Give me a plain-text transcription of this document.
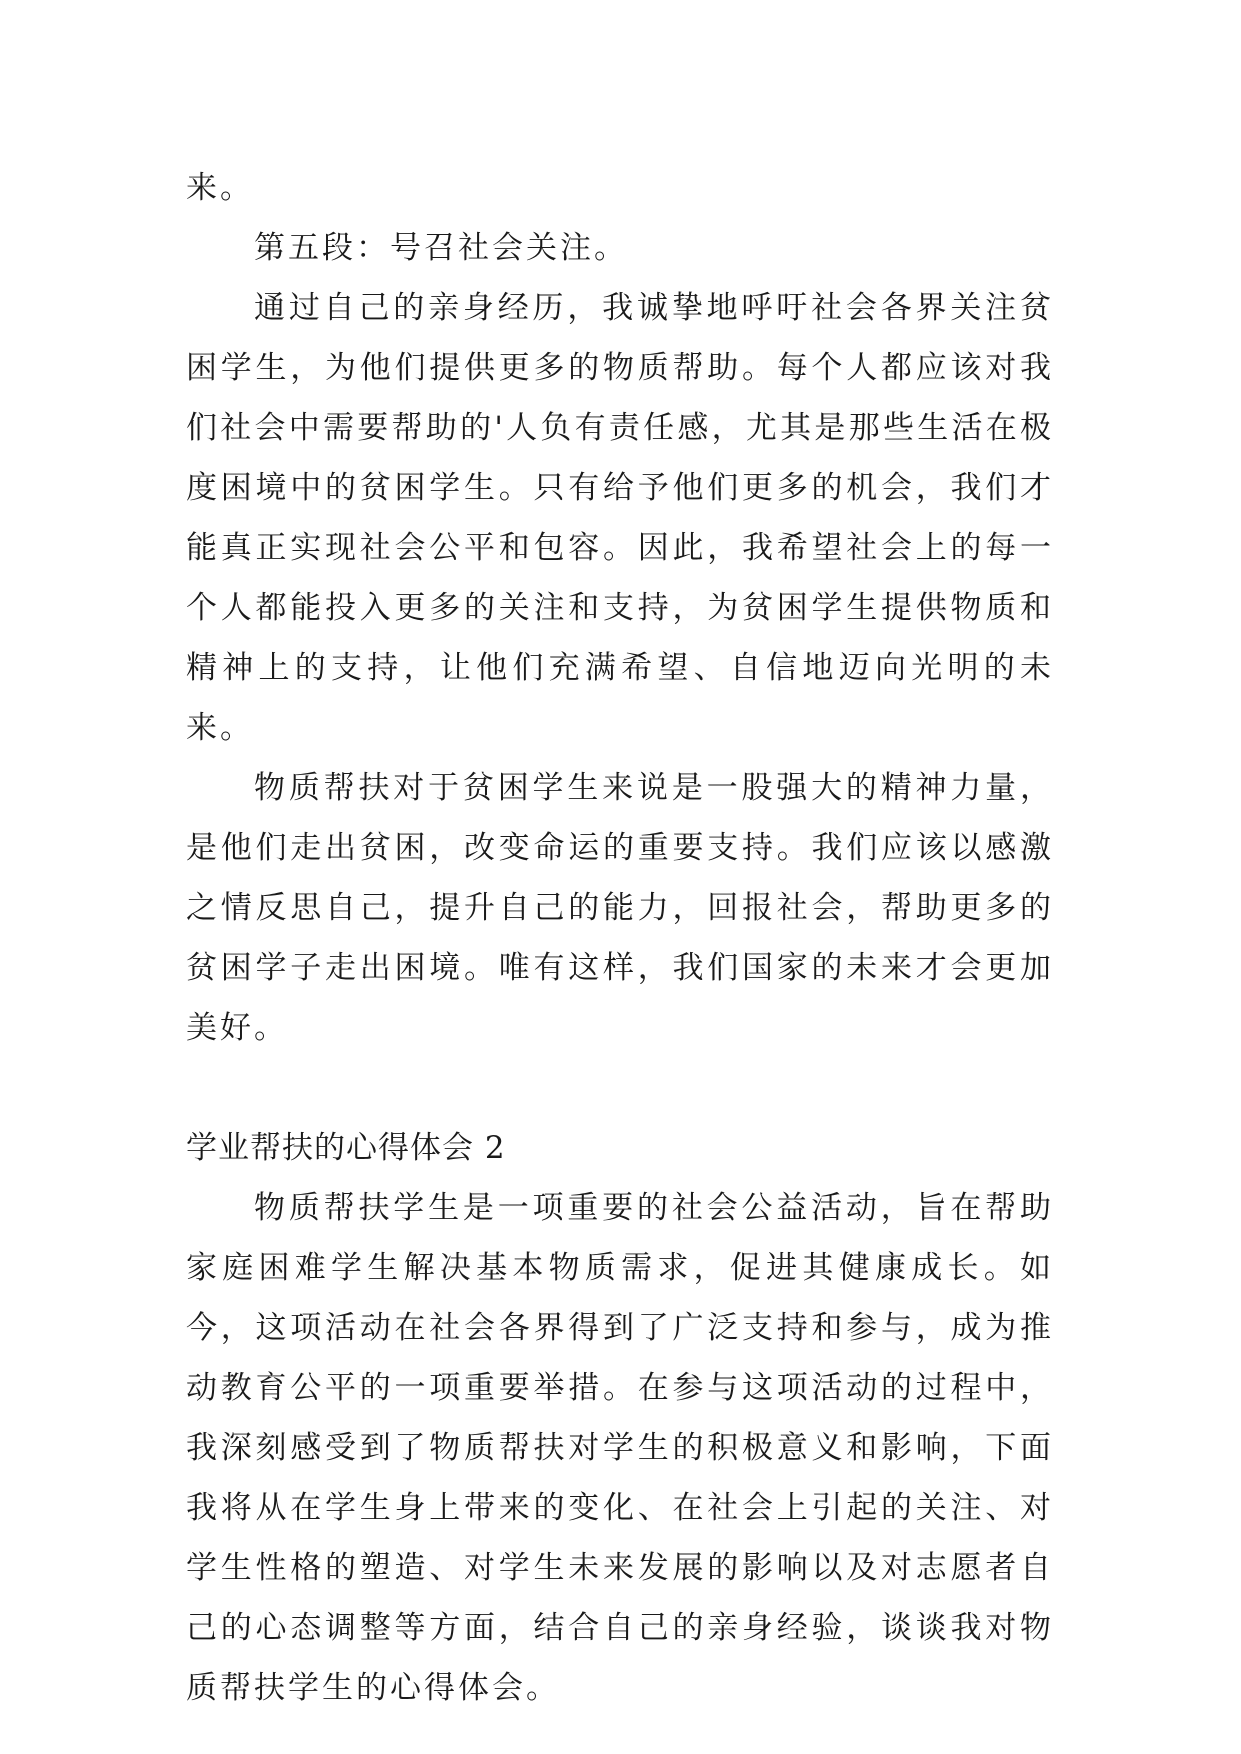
来。

第五段：号召社会关注。

通过自己的亲身经历，我诚挚地呼吁社会各界关注贫困学生，为他们提供更多的物质帮助。每个人都应该对我们社会中需要帮助的'人负有责任感，尤其是那些生活在极度困境中的贫困学生。只有给予他们更多的机会，我们才能真正实现社会公平和包容。因此，我希望社会上的每一个人都能投入更多的关注和支持，为贫困学生提供物质和精神上的支持，让他们充满希望、自信地迈向光明的未来。

物质帮扶对于贫困学生来说是一股强大的精神力量，是他们走出贫困，改变命运的重要支持。我们应该以感激之情反思自己，提升自己的能力，回报社会，帮助更多的贫困学子走出困境。唯有这样，我们国家的未来才会更加美好。

学业帮扶的心得体会 2

物质帮扶学生是一项重要的社会公益活动，旨在帮助家庭困难学生解决基本物质需求，促进其健康成长。如今，这项活动在社会各界得到了广泛支持和参与，成为推动教育公平的一项重要举措。在参与这项活动的过程中，我深刻感受到了物质帮扶对学生的积极意义和影响，下面我将从在学生身上带来的变化、在社会上引起的关注、对学生性格的塑造、对学生未来发展的影响以及对志愿者自己的心态调整等方面，结合自己的亲身经验，谈谈我对物质帮扶学生的心得体会。
